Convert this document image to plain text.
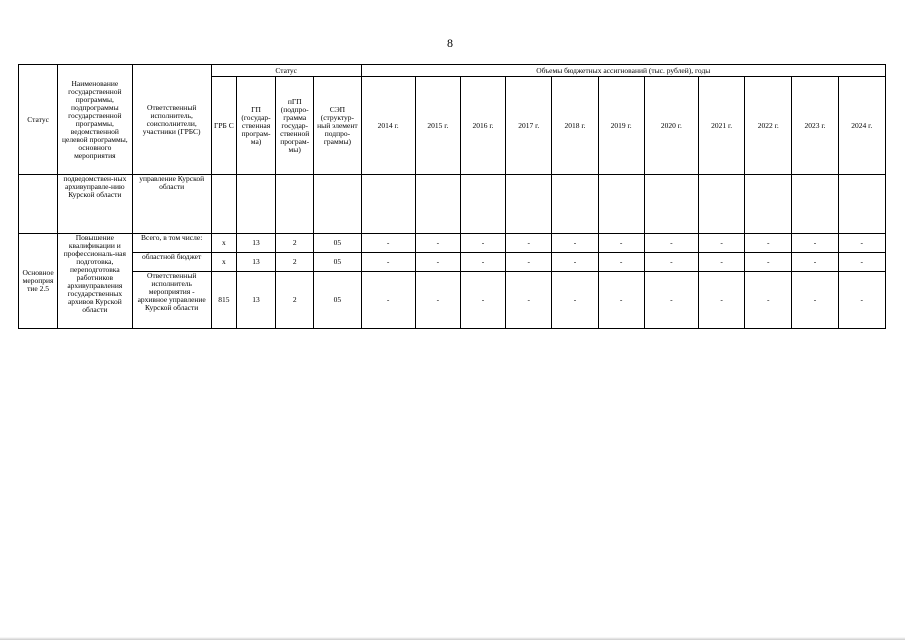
8
Статус	Наименование государственной программы, подпрограммы государственной программы, ведомственной целевой программы, основного мероприятия	Ответственный исполнитель, соисполнители, участники (ГРБС)	Статус				Объемы бюджетных ассигнований (тыс. рублей), годы										
			ГРБ С	ГП (государ-ственная програм-ма)	пГП (подпро-грамма государ-ственной програм-мы)	СЭП (структур-ный элемент подпро-граммы)	2014 г.	2015 г.	2016 г.	2017 г.	2018 г.	2019 г.	2020 г.	2021 г.	2022 г.	2023 г.	2024 г.
	подведомствен-ных архивуправле-нию Курской области	управление Курской области															
Основное мероприя тие 2.5	Повышение квалификации и профессиональ-ная подготовка, переподготовка работников архивуправления государственных архивов Курской области	Всего, в том числе:	х	13	2	05	-	-	-	-	-	-	-	-	-	-	-
		областной бюджет	х	13	2	05	-	-	-	-	-	-	-	-	-	-	-
		Ответственный исполнитель мероприятия - архивное управление Курской области	815	13	2	05	-	-	-	-	-	-	-	-	-	-	-
